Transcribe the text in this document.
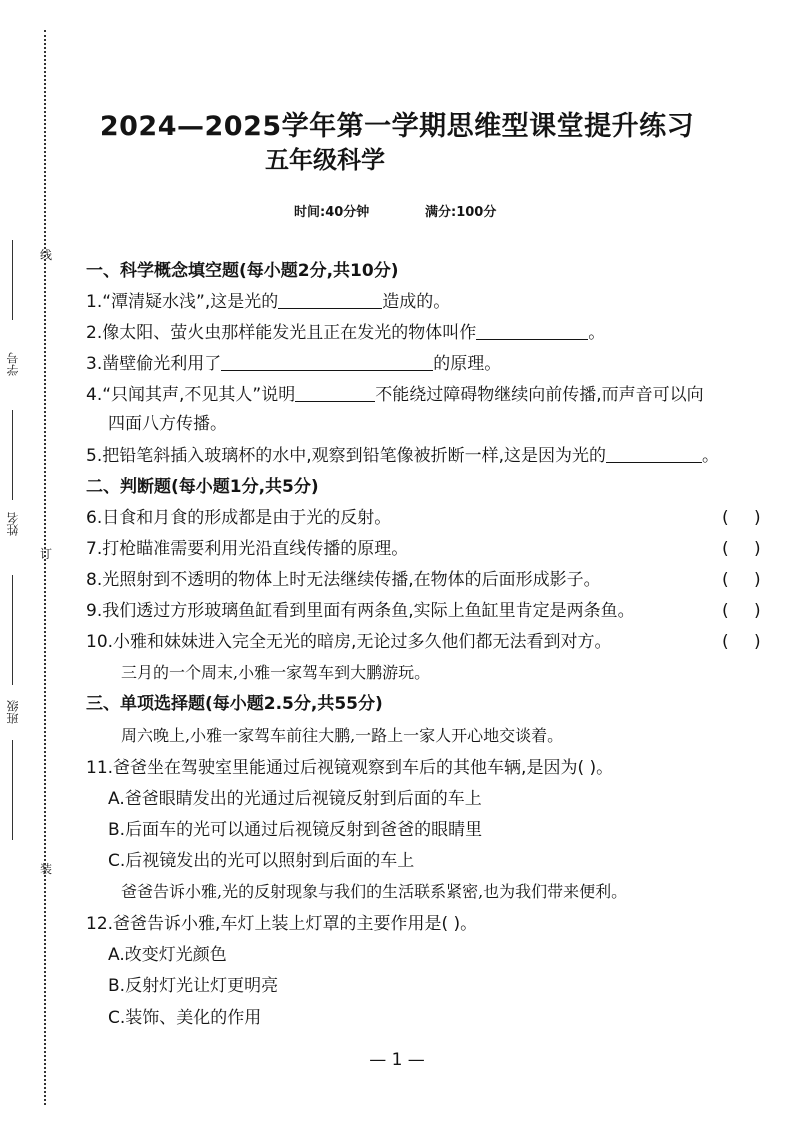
线
学号
姓名
订
班级
装
2024—2025学年第一学期思维型课堂提升练习
五年级科学
时间:40分钟	满分:100分
一、科学概念填空题(每小题2分,共10分)
1.“潭清疑水浅”,这是光的	造成的。
2.像太阳、萤火虫那样能发光且正在发光的物体叫作	。
3.凿壁偷光利用了	的原理。
4.“只闻其声,不见其人”说明	不能绕过障碍物继续向前传播,而声音可以向
四面八方传播。
5.把铅笔斜插入玻璃杯的水中,观察到铅笔像被折断一样,这是因为光的	。
二、判断题(每小题1分,共5分)
6.日食和月食的形成都是由于光的反射。	( )
7.打枪瞄准需要利用光沿直线传播的原理。	( )
8.光照射到不透明的物体上时无法继续传播,在物体的后面形成影子。	( )
9.我们透过方形玻璃鱼缸看到里面有两条鱼,实际上鱼缸里肯定是两条鱼。	( )
10.小雅和妹妹进入完全无光的暗房,无论过多久他们都无法看到对方。	( )
三月的一个周末,小雅一家驾车到大鹏游玩。
三、单项选择题(每小题2.5分,共55分)
周六晚上,小雅一家驾车前往大鹏,一路上一家人开心地交谈着。
11.爸爸坐在驾驶室里能通过后视镜观察到车后的其他车辆,是因为( )。
A.爸爸眼睛发出的光通过后视镜反射到后面的车上
B.后面车的光可以通过后视镜反射到爸爸的眼睛里
C.后视镜发出的光可以照射到后面的车上
爸爸告诉小雅,光的反射现象与我们的生活联系紧密,也为我们带来便利。
12.爸爸告诉小雅,车灯上装上灯罩的主要作用是( )。
A.改变灯光颜色
B.反射灯光让灯更明亮
C.装饰、美化的作用
— 1 —
